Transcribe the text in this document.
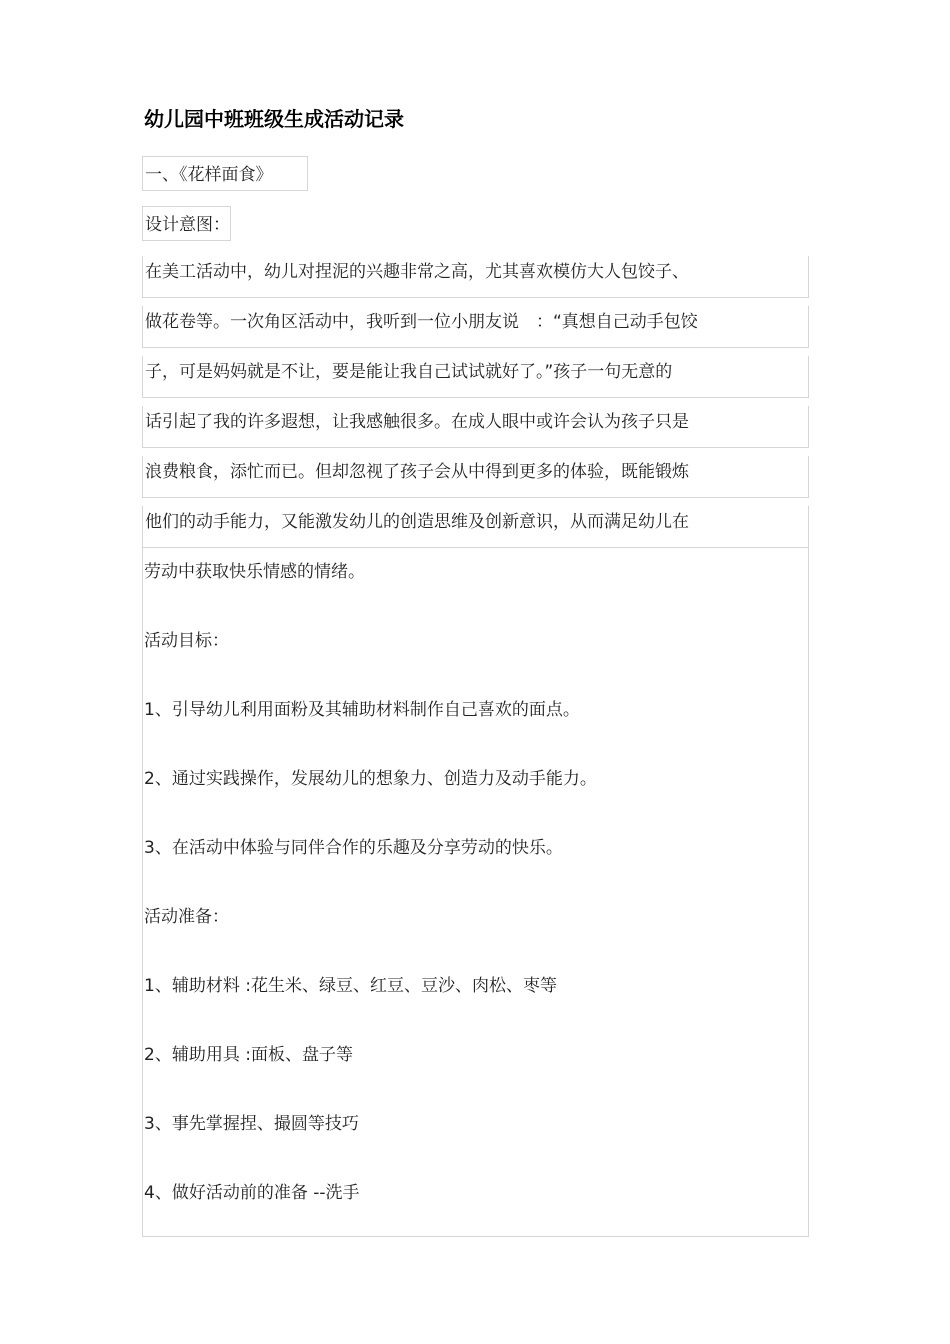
幼儿园中班班级生成活动记录
一、《花样面食》
设计意图：
在美工活动中，幼儿对捏泥的兴趣非常之高，尤其喜欢模仿大人包饺子、
做花卷等。一次角区活动中，我听到一位小朋友说　：“真想自己动手包饺
子，可是妈妈就是不让，要是能让我自己试试就好了。”孩子一句无意的
话引起了我的许多遐想，让我感触很多。在成人眼中或许会认为孩子只是
浪费粮食，添忙而已。但却忽视了孩子会从中得到更多的体验，既能锻炼
他们的动手能力，又能激发幼儿的创造思维及创新意识，从而满足幼儿在
劳动中获取快乐情感的情绪。
活动目标：
1、引导幼儿利用面粉及其辅助材料制作自己喜欢的面点。
2、通过实践操作，发展幼儿的想象力、创造力及动手能力。
3、在活动中体验与同伴合作的乐趣及分享劳动的快乐。
活动准备：
1、辅助材料 :花生米、绿豆、红豆、豆沙、肉松、枣等
2、辅助用具 :面板、盘子等
3、事先掌握捏、撮圆等技巧
4、做好活动前的准备 --洗手
